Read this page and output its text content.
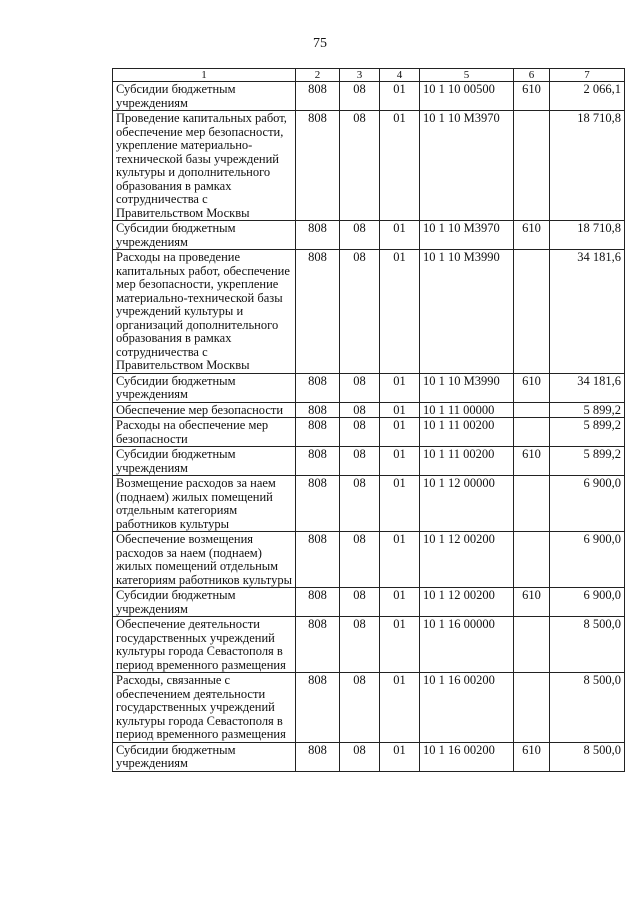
75
1	2	3	4	5	6	7
Субсидии бюджетным учреждениям	808	08	01	10 1 10 00500	610	2 066,1
Проведение капитальных работ, обеспечение мер безопасности, укрепление материально-технической базы учреждений культуры и дополнительного образования в рамках сотрудничества с Правительством Москвы	808	08	01	10 1 10 М3970		18 710,8
Субсидии бюджетным учреждениям	808	08	01	10 1 10 М3970	610	18 710,8
Расходы на проведение капитальных работ, обеспечение мер безопасности, укрепление материально-технической базы учреждений культуры и организаций дополнительного образования в рамках сотрудничества с Правительством Москвы	808	08	01	10 1 10 М3990		34 181,6
Субсидии бюджетным учреждениям	808	08	01	10 1 10 М3990	610	34 181,6
Обеспечение мер безопасности	808	08	01	10 1 11 00000		5 899,2
Расходы на обеспечение мер безопасности	808	08	01	10 1 11 00200		5 899,2
Субсидии бюджетным учреждениям	808	08	01	10 1 11 00200	610	5 899,2
Возмещение расходов за наем (поднаем) жилых помещений отдельным категориям работников культуры	808	08	01	10 1 12 00000		6 900,0
Обеспечение возмещения расходов за наем (поднаем) жилых помещений отдельным категориям работников культуры	808	08	01	10 1 12 00200		6 900,0
Субсидии бюджетным учреждениям	808	08	01	10 1 12 00200	610	6 900,0
Обеспечение деятельности государственных учреждений культуры города Севастополя в период временного размещения	808	08	01	10 1 16 00000		8 500,0
Расходы, связанные с обеспечением деятельности государственных учреждений культуры города Севастополя в период временного размещения	808	08	01	10 1 16 00200		8 500,0
Субсидии бюджетным учреждениям	808	08	01	10 1 16 00200	610	8 500,0
